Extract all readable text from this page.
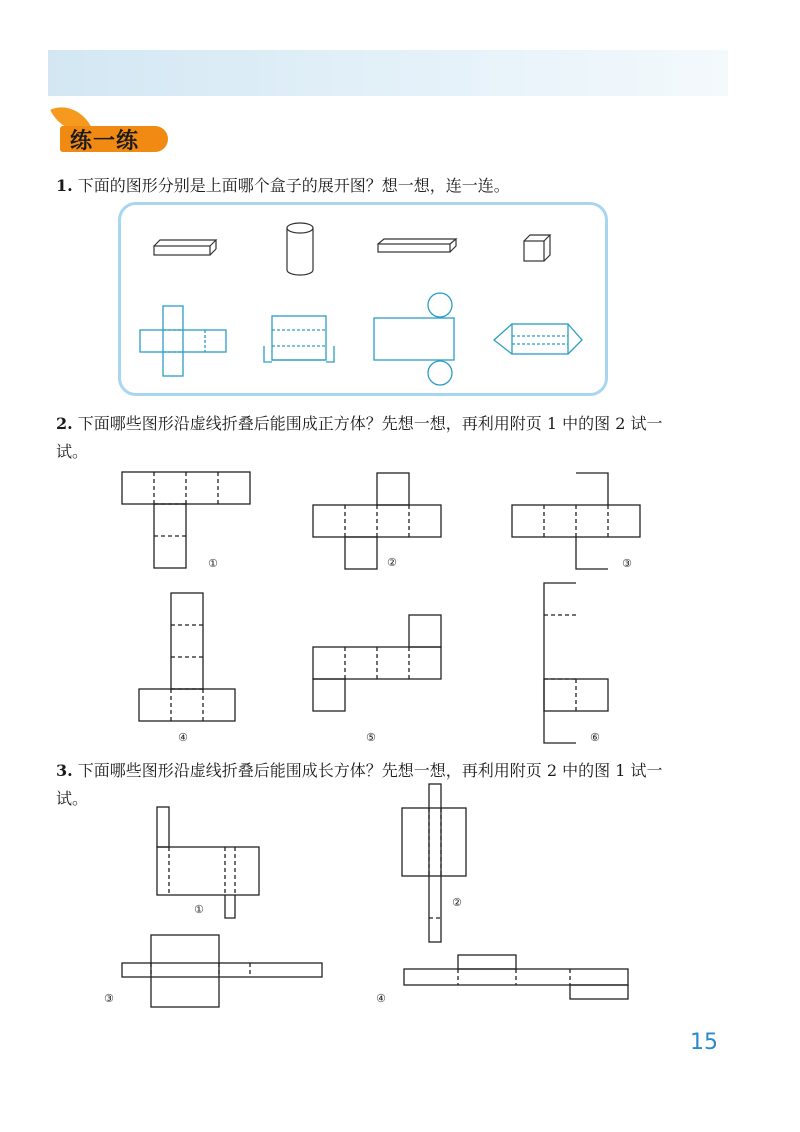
练一练
1. 下面的图形分别是上面哪个盒子的展开图？想一想，连一连。
2. 下面哪些图形沿虚线折叠后能围成正方体？先想一想，再利用附页 1 中的图 2 试一试。
3. 下面哪些图形沿虚线折叠后能围成长方体？先想一想，再利用附页 2 中的图 1 试一试。
①	②	③
④	⑤	⑥
①
②
③	④
15
